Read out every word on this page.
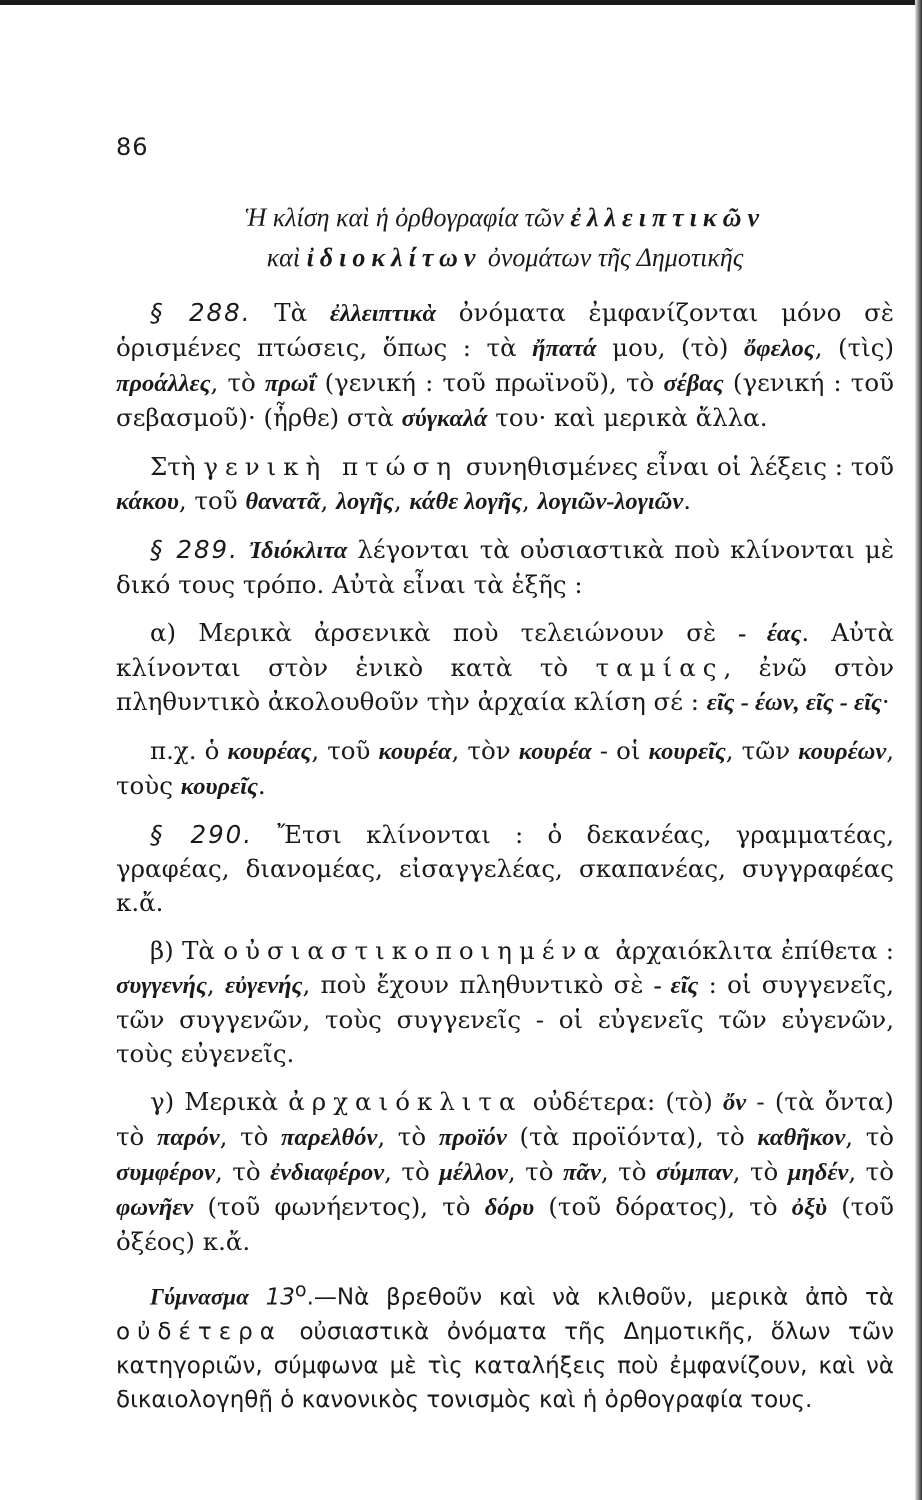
86
Ἡ κλίση καὶ ἡ ὀρθογραφία τῶν ἐλλειπτικῶν
καὶ ἰδιοκλίτων ὀνομάτων τῆς Δημοτικῆς

§ 288. Τὰ ἐλλειπτικὰ ὀνόματα ἐμφανίζονται μόνο σὲ ὁρισμένες πτώσεις, ὅπως : τὰ ἤπατά μου, (τὸ) ὄφελος, (τὶς) προάλλες, τὸ πρωΐ (γενική : τοῦ πρωϊνοῦ), τὸ σέβας (γενική : τοῦ σεβασμοῦ)· (ἦρθε) στὰ σύγκαλά του· καὶ μερικὰ ἄλλα.

Στὴ γενικὴ πτώση συνηθισμένες εἶναι οἱ λέξεις : τοῦ κάκου, τοῦ θανατᾶ, λογῆς, κάθε λογῆς, λογιῶν-λογιῶν.

§ 289. Ἰδιόκλιτα λέγονται τὰ οὐσιαστικὰ ποὺ κλίνονται μὲ δικό τους τρόπο. Αὐτὰ εἶναι τὰ ἑξῆς :

α) Μερικὰ ἀρσενικὰ ποὺ τελειώνουν σὲ - έας. Αὐτὰ κλίνονται στὸν ἑνικὸ κατὰ τὸ ταμίας, ἐνῶ στὸν πληθυντικὸ ἀκολουθοῦν τὴν ἀρχαία κλίση σέ : εῖς - έων, εῖς - εῖς·

π.χ. ὁ κουρέας, τοῦ κουρέα, τὸν κουρέα - οἱ κουρεῖς, τῶν κουρέων, τοὺς κουρεῖς.

§ 290. Ἔτσι κλίνονται : ὁ δεκανέας, γραμματέας, γραφέας, διανομέας, εἰσαγγελέας, σκαπανέας, συγγραφέας κ.ἄ.

β) Τὰ οὐσιαστικοποιημένα ἀρχαιόκλιτα ἐπίθετα : συγγενής, εὐγενής, ποὺ ἔχουν πληθυντικὸ σὲ - εῖς : οἱ συγγενεῖς, τῶν συγγενῶν, τοὺς συγγενεῖς - οἱ εὐγενεῖς τῶν εὐγενῶν, τοὺς εὐγενεῖς.

γ) Μερικὰ ἀρχαιόκλιτα οὐδέτερα: (τὸ) ὄν - (τὰ ὄντα) τὸ παρόν, τὸ παρελθόν, τὸ προϊόν (τὰ προϊόντα), τὸ καθῆκον, τὸ συμφέρον, τὸ ἐνδιαφέρον, τὸ μέλλον, τὸ πᾶν, τὸ σύμπαν, τὸ μηδέν, τὸ φωνῆεν (τοῦ φωνήεντος), τὸ δόρυ (τοῦ δόρατος), τὸ ὀξὺ (τοῦ ὀξέος) κ.ἄ.

Γύμνασμα $13^o.—Nὰ$ βρεθοῦν καὶ νὰ κλιθοῦν, μερικὰ ἀπὸ τὰ οὐδέτερα οὐσιαστικὰ ὀνόματα τῆς Δημοτικῆς, ὅλων τῶν κατηγοριῶν, σύμφωνα μὲ τὶς καταλήξεις ποὺ ἐμφανίζουν, καὶ νὰ δικαιολογηθῇ ὁ κανονικὸς τονισμὸς καὶ ἡ ὀρθογραφία τους.
